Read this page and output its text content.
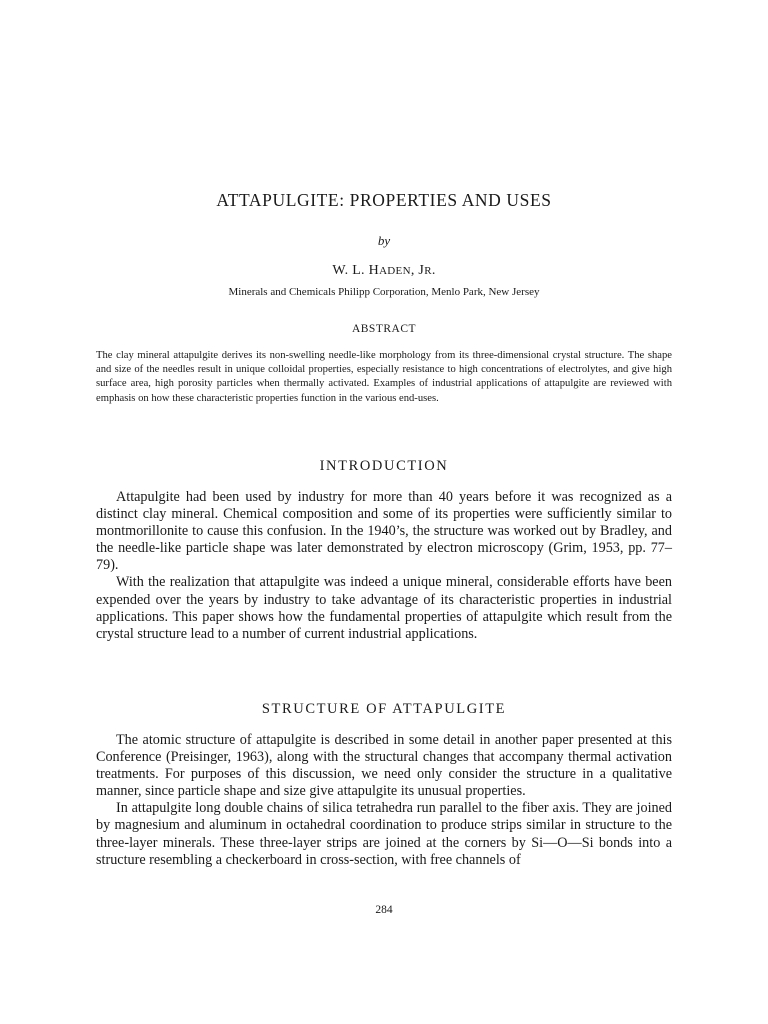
ATTAPULGITE: PROPERTIES AND USES
by
W. L. HADEN, JR.
Minerals and Chemicals Philipp Corporation, Menlo Park, New Jersey
ABSTRACT

The clay mineral attapulgite derives its non-swelling needle-like morphology from its three-dimensional crystal structure. The shape and size of the needles result in unique colloidal properties, especially resistance to high concentrations of electrolytes, and give high surface area, high porosity particles when thermally activated. Examples of industrial applications of attapulgite are reviewed with emphasis on how these characteristic properties function in the various end-uses.

INTRODUCTION

Attapulgite had been used by industry for more than 40 years before it was recognized as a distinct clay mineral. Chemical composition and some of its properties were sufficiently similar to montmorillonite to cause this confusion. In the 1940’s, the structure was worked out by Bradley, and the needle-like particle shape was later demonstrated by electron microscopy (Grim, 1953, pp. 77–79).

With the realization that attapulgite was indeed a unique mineral, considerable efforts have been expended over the years by industry to take advantage of its characteristic properties in industrial applications. This paper shows how the fundamental properties of attapulgite which result from the crystal structure lead to a number of current industrial applications.

STRUCTURE OF ATTAPULGITE

The atomic structure of attapulgite is described in some detail in another paper presented at this Conference (Preisinger, 1963), along with the structural changes that accompany thermal activation treatments. For purposes of this discussion, we need only consider the structure in a qualitative manner, since particle shape and size give attapulgite its unusual properties.

In attapulgite long double chains of silica tetrahedra run parallel to the fiber axis. They are joined by magnesium and aluminum in octahedral coordination to produce strips similar in structure to the three-layer minerals. These three-layer strips are joined at the corners by Si—O—Si bonds into a structure resembling a checkerboard in cross-section, with free channels of

284
